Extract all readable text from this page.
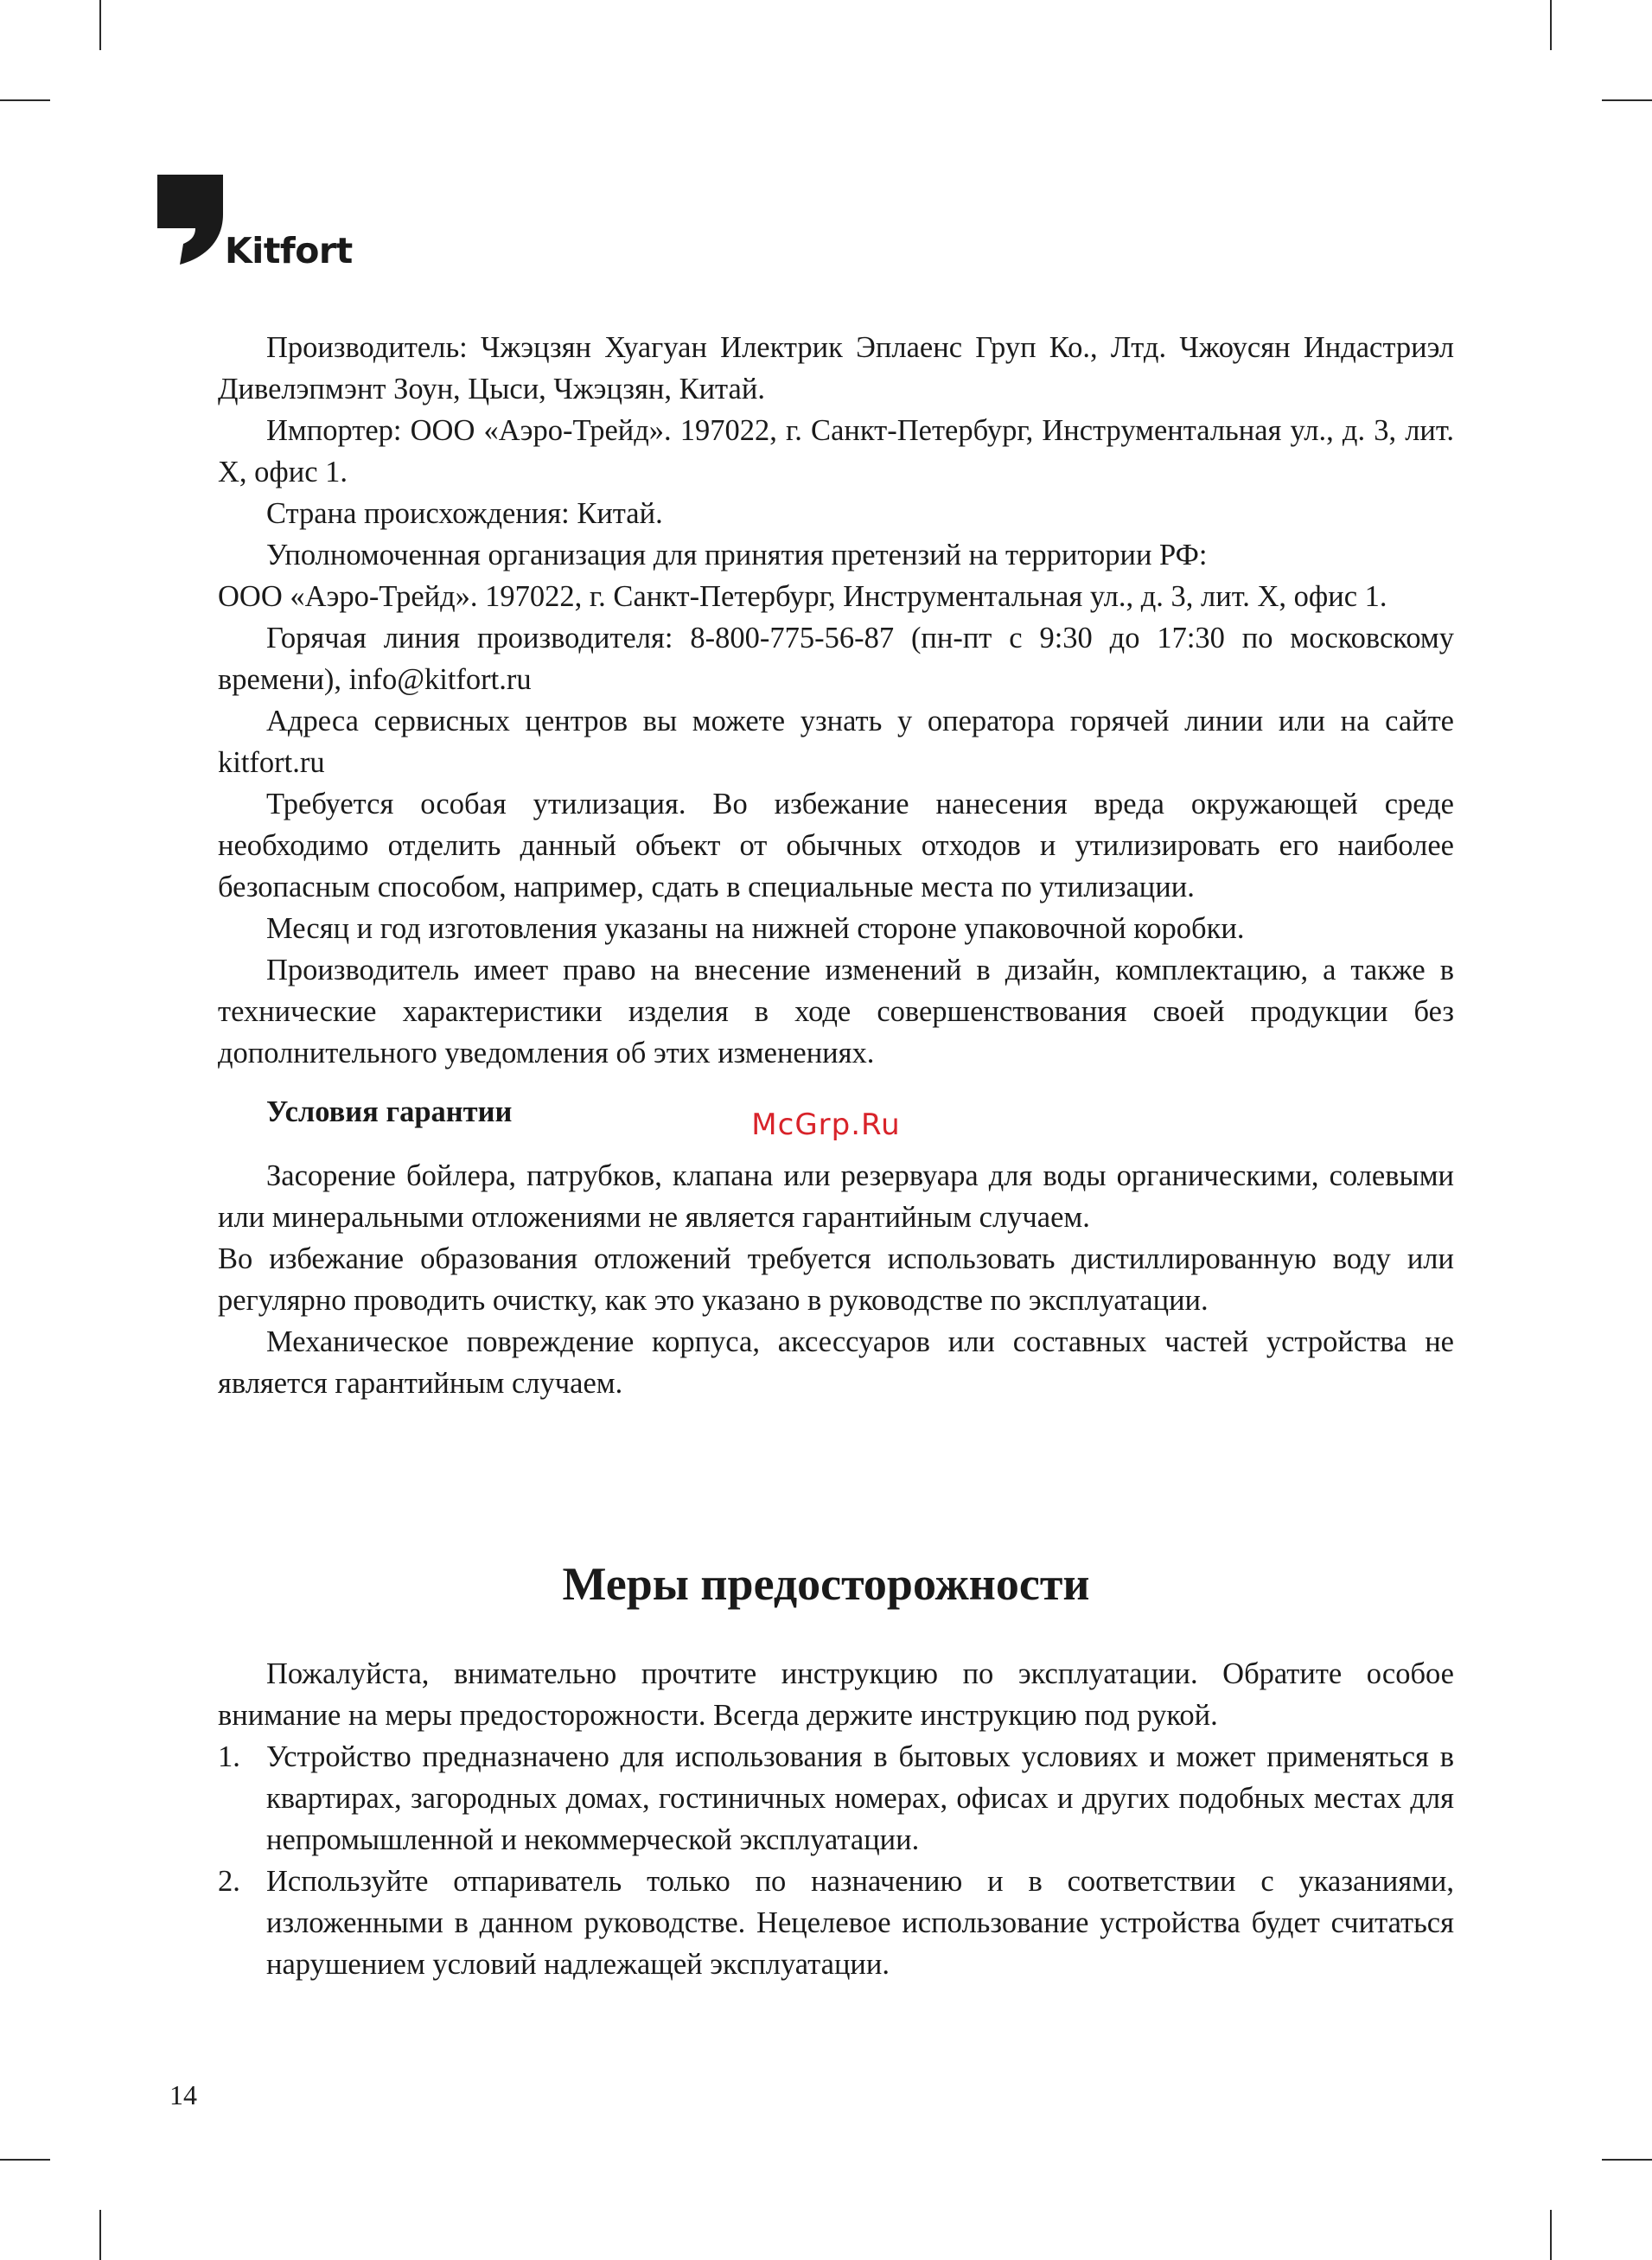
Kitfort

Производитель: Чжэцзян Хуагуан Илектрик Эплаенс Груп Ко., Лтд. Чжоусян Индастриэл Дивелэпмэнт Зоун, Цыси, Чжэцзян, Китай.

Импортер: ООО «Аэро-Трейд». 197022, г. Санкт-Петербург, Инструментальная ул., д. 3, лит. Х, офис 1.

Страна происхождения: Китай.

Уполномоченная организация для принятия претензий на территории РФ:

ООО «Аэро-Трейд». 197022, г. Санкт-Петербург, Инструментальная ул., д. 3, лит. Х, офис 1.

Горячая линия производителя: 8-800-775-56-87 (пн-пт с 9:30 до 17:30 по московскому времени), info@kitfort.ru

Адреса сервисных центров вы можете узнать у оператора горячей линии или на сайте kitfort.ru

Требуется особая утилизация. Во избежание нанесения вреда окружающей среде необходимо отделить данный объект от обычных отходов и утилизировать его наиболее безопасным способом, например, сдать в специальные места по утилизации.

Месяц и год изготовления указаны на нижней стороне упаковочной коробки.

Производитель имеет право на внесение изменений в дизайн, комплектацию, а также в технические характеристики изделия в ходе совершенствования своей продукции без дополнительного уведомления об этих изменениях.

Условия гарантии

Засорение бойлера, патрубков, клапана или резервуара для воды органическими, солевыми или минеральными отложениями не является гарантийным случаем.

Во избежание образования отложений требуется использовать дистиллированную воду или регулярно проводить очистку, как это указано в руководстве по эксплуатации.

Механическое повреждение корпуса, аксессуаров или составных частей устройства не является гарантийным случаем.

McGrp.Ru
Меры предосторожности

Пожалуйста, внимательно прочтите инструкцию по эксплуатации. Обратите особое внимание на меры предосторожности. Всегда держите инструкцию под рукой.

1. Устройство предназначено для использования в бытовых условиях и может применяться в квартирах, загородных домах, гостиничных номерах, офисах и других подобных местах для непромышленной и некоммерческой эксплуатации.
2. Используйте отпариватель только по назначению и в соответствии с указаниями, изложенными в данном руководстве. Нецелевое использование устройства будет считаться нарушением условий надлежащей эксплуатации.
14
